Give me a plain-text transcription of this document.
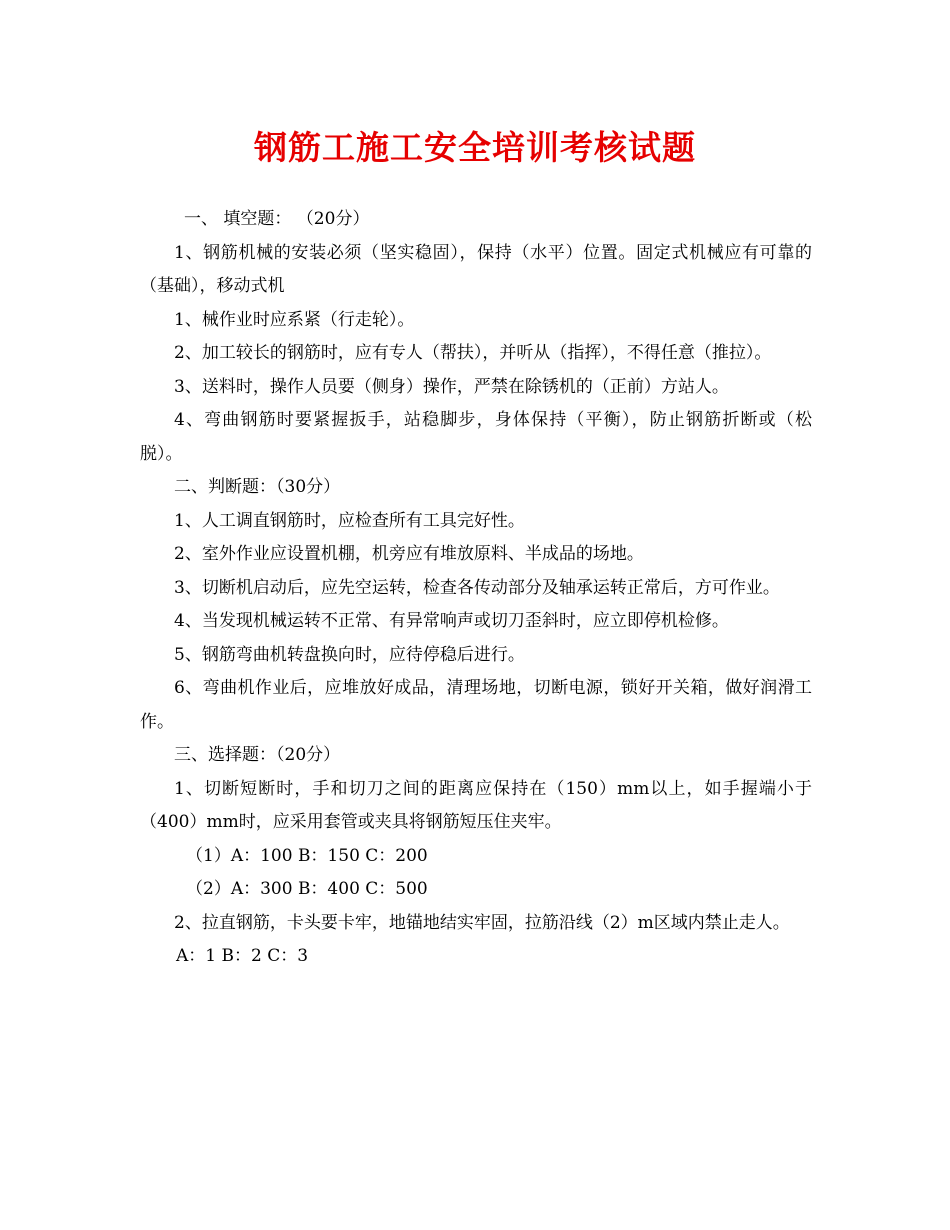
钢筋工施工安全培训考核试题

一、 填空题： （20分）

1、钢筋机械的安装必须（坚实稳固），保持（水平）位置。固定式机械应有可靠的（基础），移动式机

1、械作业时应系紧（行走轮）。

2、加工较长的钢筋时，应有专人（帮扶），并听从（指挥），不得任意（推拉）。

3、送料时，操作人员要（侧身）操作，严禁在除锈机的（正前）方站人。

4、弯曲钢筋时要紧握扳手，站稳脚步，身体保持（平衡），防止钢筋折断或（松脱）。

二、判断题：（30分）

1、人工调直钢筋时，应检查所有工具完好性。

2、室外作业应设置机棚，机旁应有堆放原料、半成品的场地。

3、切断机启动后，应先空运转，检查各传动部分及轴承运转正常后，方可作业。

4、当发现机械运转不正常、有异常响声或切刀歪斜时，应立即停机检修。

5、钢筋弯曲机转盘换向时，应待停稳后进行。

6、弯曲机作业后，应堆放好成品，清理场地，切断电源，锁好开关箱，做好润滑工作。

三、选择题：（20分）

1、切断短断时，手和切刀之间的距离应保持在（150）mm以上，如手握端小于（400）mm时，应采用套管或夹具将钢筋短压住夹牢。

（1）A：100 B：150 C：200

（2）A：300 B：400 C：500

2、拉直钢筋，卡头要卡牢，地锚地结实牢固，拉筋沿线（2）m区域内禁止走人。

A：1 B：2 C：3
